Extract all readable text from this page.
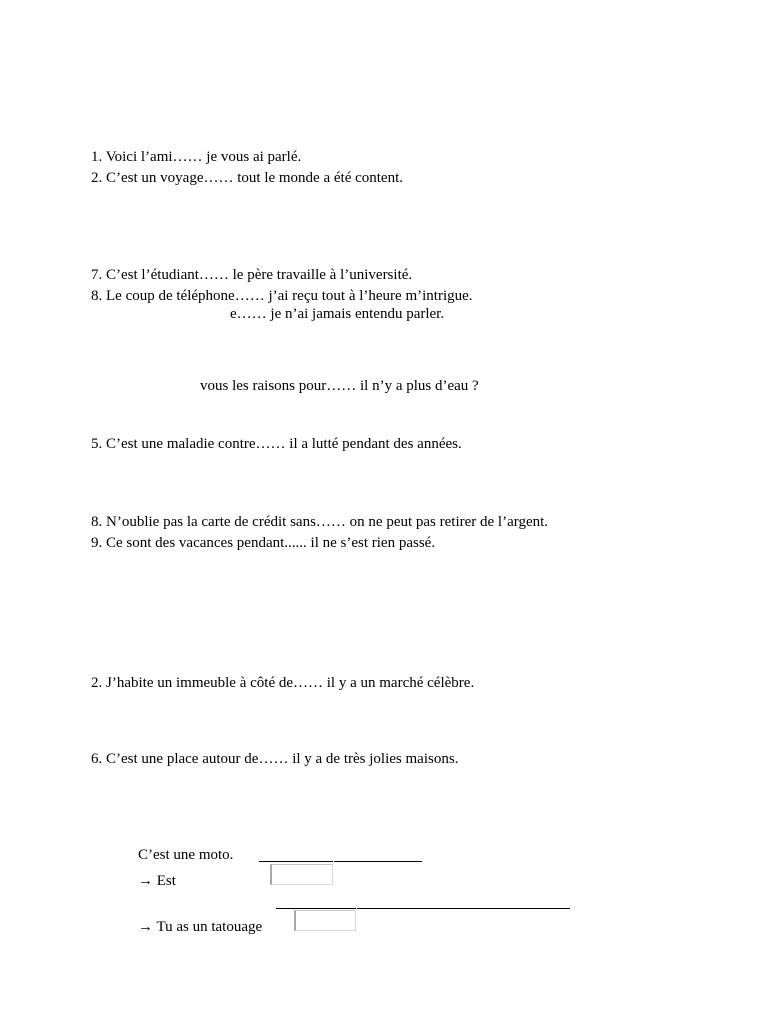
1. Voici l’ami…… je vous ai parlé.
2. C’est un voyage…… tout le monde a été content.
7. C’est l’étudiant…… le père travaille à l’université.
8. Le coup de téléphone…… j’ai reçu tout à l’heure m’intrigue.
e…… je n’ai jamais entendu parler.
vous les raisons pour…… il n’y a plus d’eau ?
5. C’est une maladie contre…… il a lutté pendant des années.
8. N’oublie pas la carte de crédit sans…… on ne peut pas retirer de l’argent.
9. Ce sont des vacances pendant...... il ne s’est rien passé.
2. J’habite un immeuble à côté de…… il y a un marché célèbre.
6. C’est une place autour de…… il y a de très jolies maisons.
C’est une moto.
→ Est
→ Tu as un tatouage
